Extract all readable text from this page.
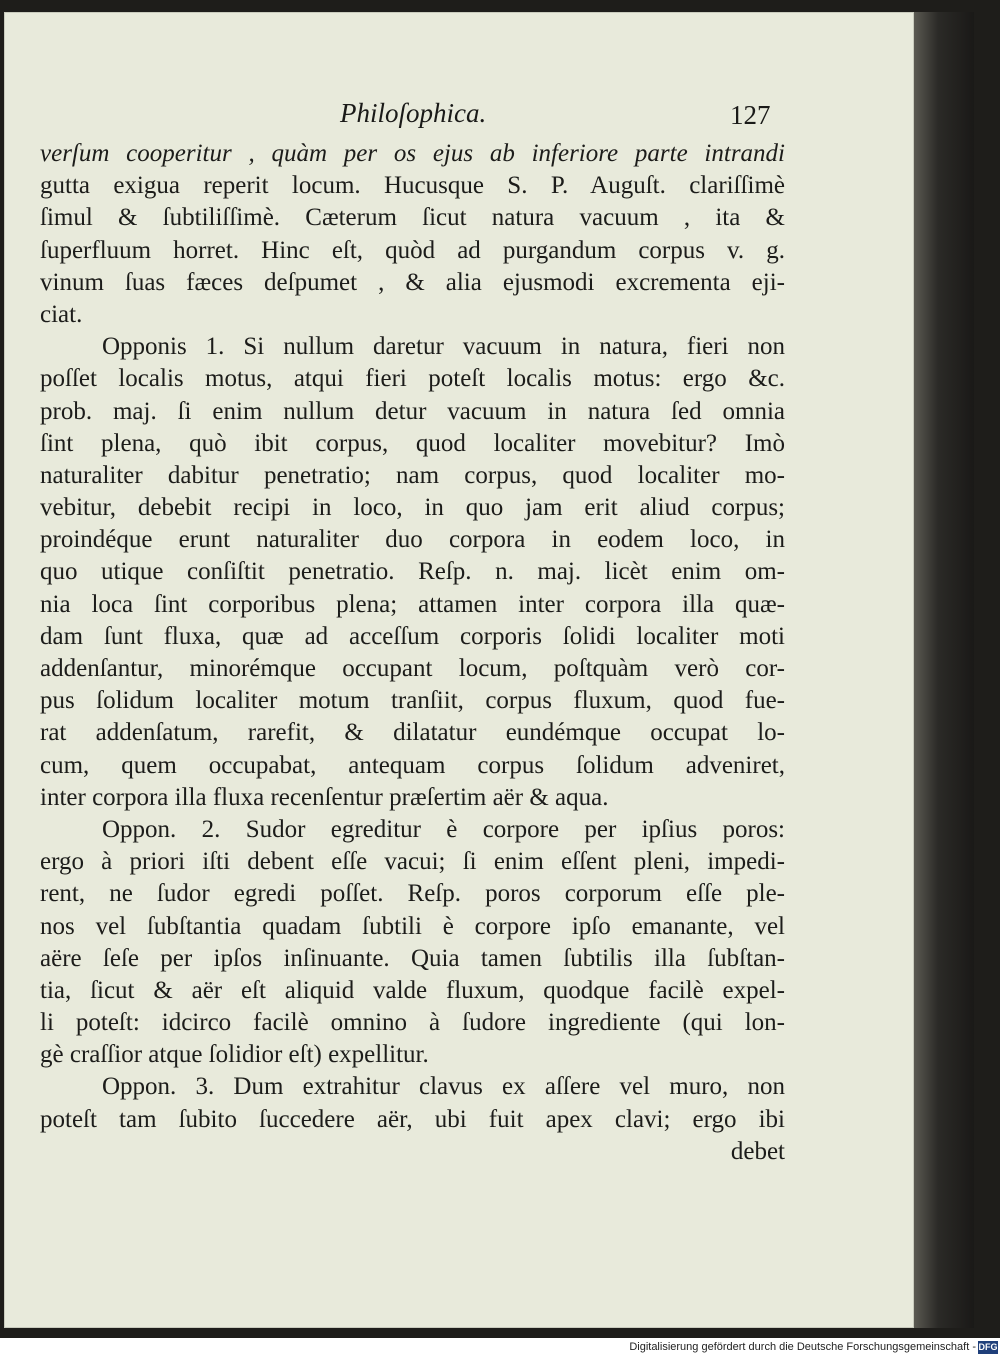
Philoſophica.	127
verſum cooperitur , quàm per os ejus ab inferiore parte intrandi
gutta exigua reperit locum. Hucusque S. P. Auguſt. clariſſimè
ſimul & ſubtiliſſimè. Cæterum ſicut natura vacuum , ita &
ſuperfluum horret. Hinc eſt, quòd ad purgandum corpus v. g.
vinum ſuas fæces deſpumet , & alia ejusmodi excrementa eji-
ciat.
Opponis 1. Si nullum daretur vacuum in natura, fieri non
poſſet localis motus, atqui fieri poteſt localis motus: ergo &c.
prob. maj. ſi enim nullum detur vacuum in natura ſed omnia
ſint plena, quò ibit corpus, quod localiter movebitur? Imò
naturaliter dabitur penetratio; nam corpus, quod localiter mo-
vebitur, debebit recipi in loco, in quo jam erit aliud corpus;
proindéque erunt naturaliter duo corpora in eodem loco, in
quo utique conſiſtit penetratio. Reſp. n. maj. licèt enim om-
nia loca ſint corporibus plena; attamen inter corpora illa quæ-
dam ſunt fluxa, quæ ad acceſſum corporis ſolidi localiter moti
addenſantur, minorémque occupant locum, poſtquàm verò cor-
pus ſolidum localiter motum tranſiit, corpus fluxum, quod fue-
rat addenſatum, rarefit, & dilatatur eundémque occupat lo-
cum, quem occupabat, antequam corpus ſolidum adveniret,
inter corpora illa fluxa recenſentur præſertim aër & aqua.
Oppon. 2. Sudor egreditur è corpore per ipſius poros:
ergo à priori iſti debent eſſe vacui; ſi enim eſſent pleni, impedi-
rent, ne ſudor egredi poſſet. Reſp. poros corporum eſſe ple-
nos vel ſubſtantia quadam ſubtili è corpore ipſo emanante, vel
aëre ſeſe per ipſos inſinuante. Quia tamen ſubtilis illa ſubſtan-
tia, ſicut & aër eſt aliquid valde fluxum, quodque facilè expel-
li poteſt: idcirco facilè omnino à ſudore ingrediente (qui lon-
gè craſſior atque ſolidior eſt) expellitur.
Oppon. 3. Dum extrahitur clavus ex aſſere vel muro, non
poteſt tam ſubito ſuccedere aër, ubi fuit apex clavi; ergo ibi
debet
Digitalisierung gefördert durch die Deutsche Forschungsgemeinschaft - DFG
